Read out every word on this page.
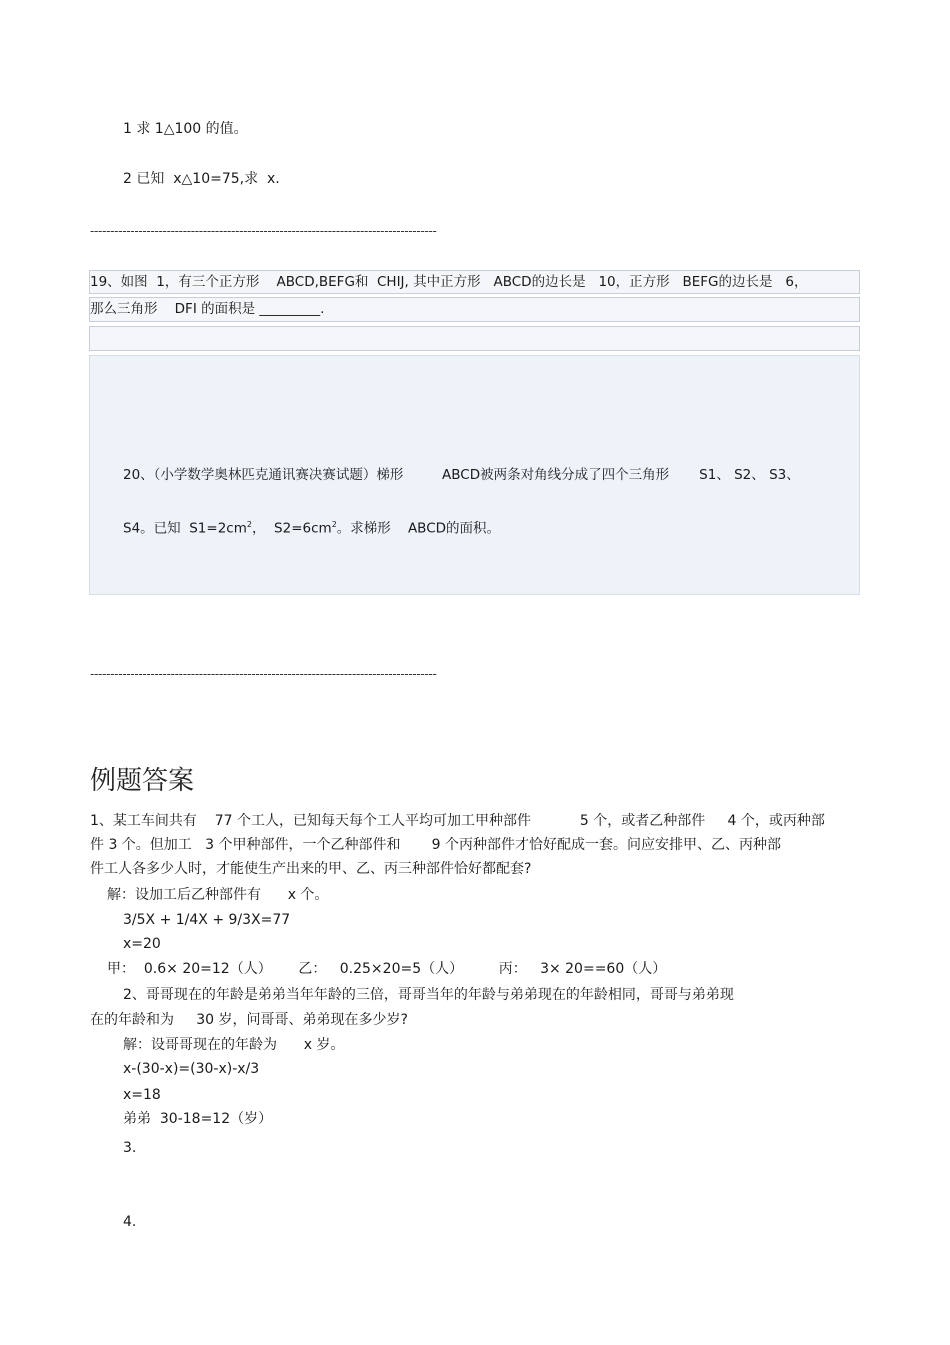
1 求 1△100 的值。
2 已知  x△10=75,求  x.
--------------------------------------------------------------------------------------
19、如图  1，有三个正方形    ABCD,BEFG和  CHIJ, 其中正方形   ABCD的边长是   10，正方形   BEFG的边长是   6，
那么三角形    DFI 的面积是 _________.
20、（小学数学奥林匹克通讯赛决赛试题）梯形         ABCD被两条对角线分成了四个三角形       S1、 S2、 S3、
S4。已知  $S1=2cm^2$，  $S2=6cm^2$。求梯形    ABCD的面积。
--------------------------------------------------------------------------------------
例题答案
1、某工车间共有    77 个工人，已知每天每个工人平均可加工甲种部件           5 个，或者乙种部件     4 个，或丙种部
件 3 个。但加工   3 个甲种部件，一个乙种部件和       9 个丙种部件才恰好配成一套。问应安排甲、乙、丙种部
件工人各多少人时，才能使生产出来的甲、乙、丙三种部件恰好都配套?
解：设加工后乙种部件有      x 个。
3/5X + 1/4X + 9/3X=77
x=20
甲：  0.6× 20=12（人）      乙：   0.25×20=5（人）        丙：   3× 20==60（人）
2、哥哥现在的年龄是弟弟当年年龄的三倍，哥哥当年的年龄与弟弟现在的年龄相同，哥哥与弟弟现
在的年龄和为     30 岁，问哥哥、弟弟现在多少岁?
解：设哥哥现在的年龄为      x 岁。
x-(30-x)=(30-x)-x/3
x=18
弟弟  30-18=12（岁）
3.
4.
